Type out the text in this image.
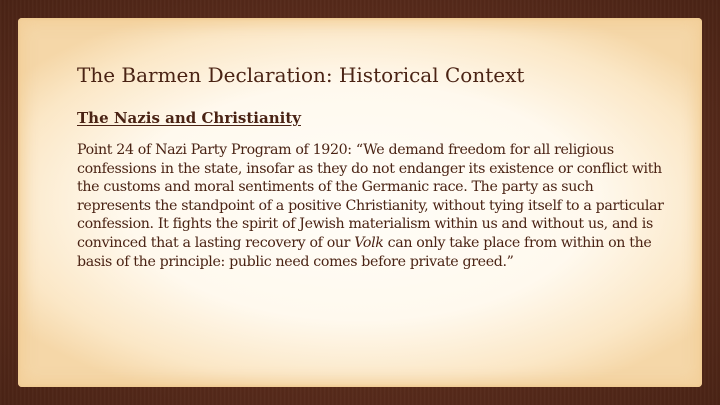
The Barmen Declaration: Historical Context
The Nazis and Christianity

Point 24 of Nazi Party Program of 1920: “We demand freedom for all religious confessions in the state, insofar as they do not endanger its existence or conflict with the customs and moral sentiments of the Germanic race. The party as such represents the standpoint of a positive Christianity, without tying itself to a particular confession. It fights the spirit of Jewish materialism within us and without us, and is convinced that a lasting recovery of our Volk can only take place from within on the basis of the principle: public need comes before private greed.”
